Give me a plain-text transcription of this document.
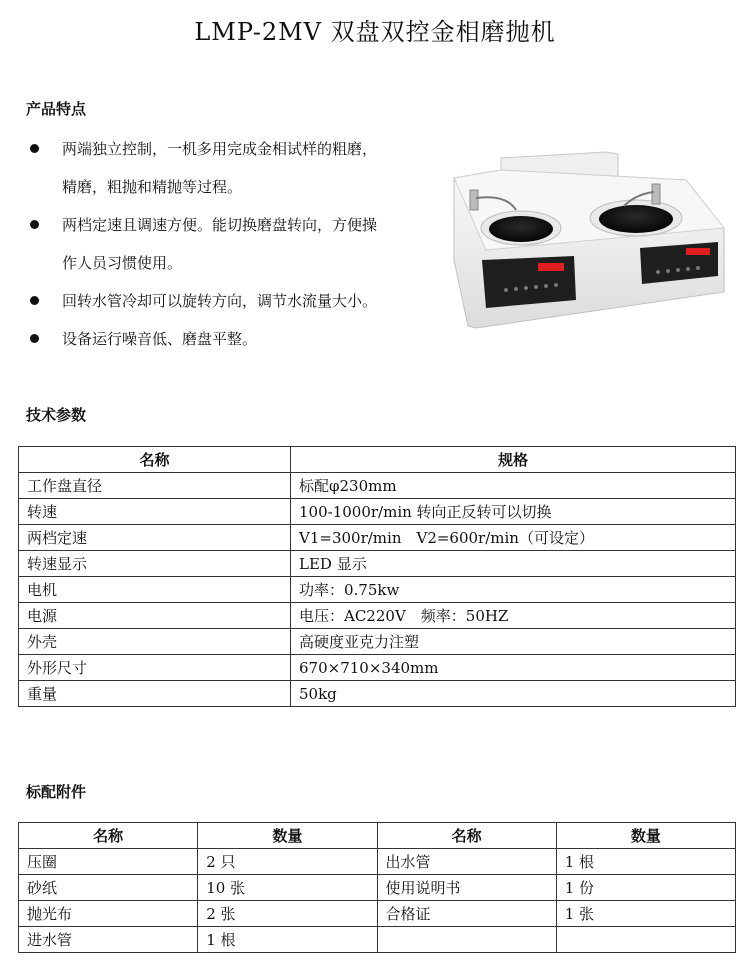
LMP-2MV 双盘双控金相磨抛机
产品特点
两端独立控制，一机多用完成金相试样的粗磨，
精磨，粗抛和精抛等过程。
两档定速且调速方便。能切换磨盘转向，方便操
作人员习惯使用。
回转水管冷却可以旋转方向，调节水流量大小。
设备运行噪音低、磨盘平整。
技术参数
名称	规格
工作盘直径	标配φ230mm
转速	100-1000r/min 转向正反转可以切换
两档定速	V1=300r/min　V2=600r/min（可设定）
转速显示	LED 显示
电机	功率：0.75kw
电源	电压：AC220V　频率：50HZ
外壳	高硬度亚克力注塑
外形尺寸	670×710×340mm
重量	50kg
标配附件
名称	数量	名称	数量
压圈	2 只	出水管	1 根
砂纸	10 张	使用说明书	1 份
抛光布	2 张	合格证	1 张
进水管	1 根		
